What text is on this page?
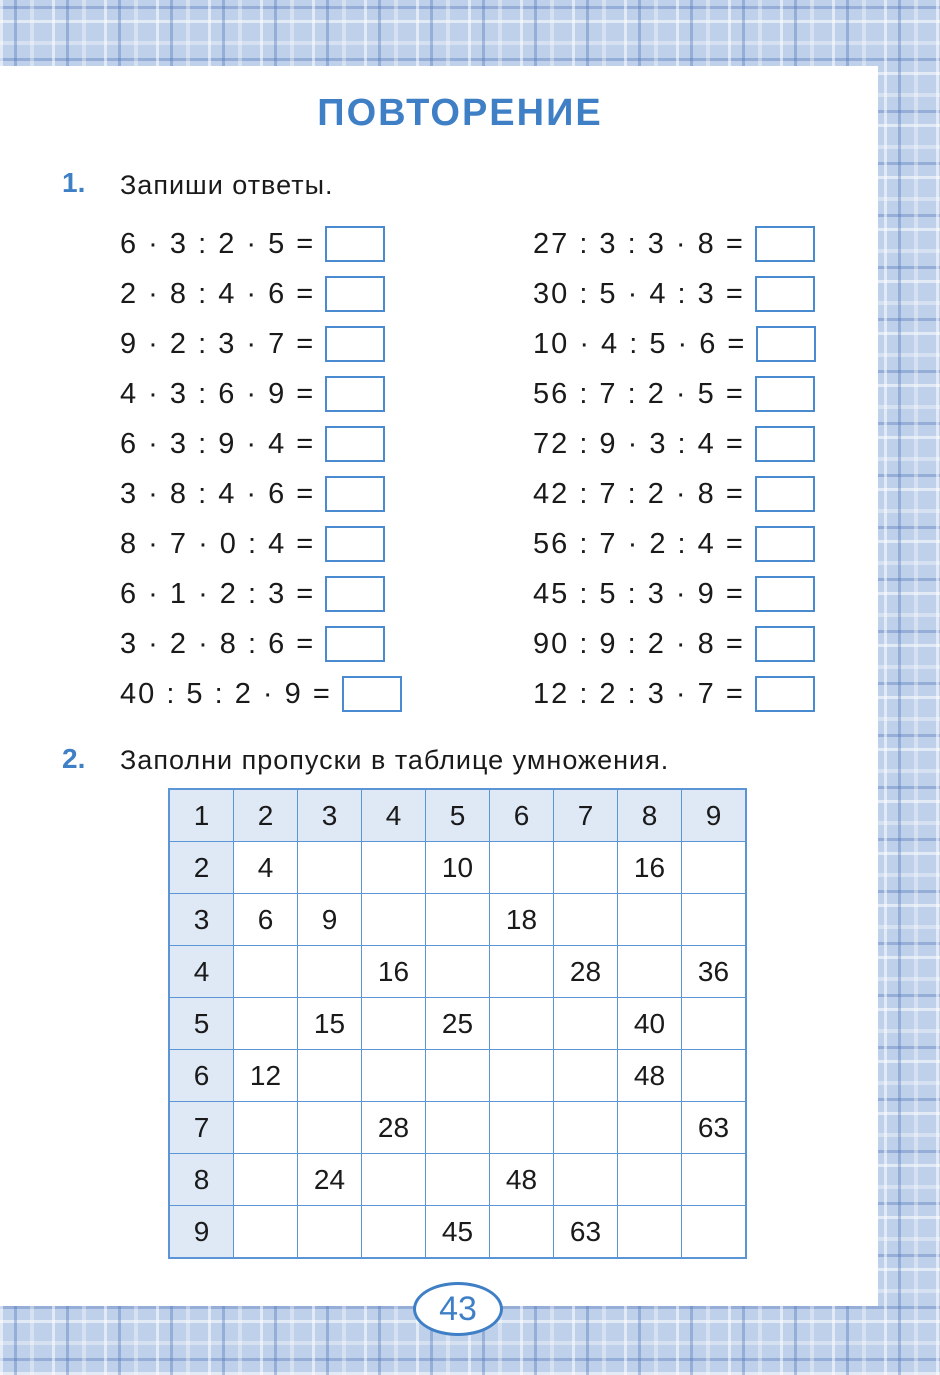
ПОВТОРЕНИЕ
1. Запиши ответы.
6 · 3 : 2 · 5 =
2 · 8 : 4 · 6 =
9 · 2 : 3 · 7 =
4 · 3 : 6 · 9 =
6 · 3 : 9 · 4 =
3 · 8 : 4 · 6 =
8 · 7 · 0 : 4 =
6 · 1 · 2 : 3 =
3 · 2 · 8 : 6 =
40 : 5 : 2 · 9 =
27 : 3 : 3 · 8 =
30 : 5 · 4 : 3 =
10 · 4 : 5 · 6 =
56 : 7 : 2 · 5 =
72 : 9 · 3 : 4 =
42 : 7 : 2 · 8 =
56 : 7 · 2 : 4 =
45 : 5 : 3 · 9 =
90 : 9 : 2 · 8 =
12 : 2 : 3 · 7 =
2. Заполни пропуски в таблице умножения.
1	2	3	4	5	6	7	8	9
2	4			10			16	
3	6	9			18			
4			16			28		36
5		15		25			40	
6	12						48	
7			28					63
8		24			48			
9				45		63		
43
